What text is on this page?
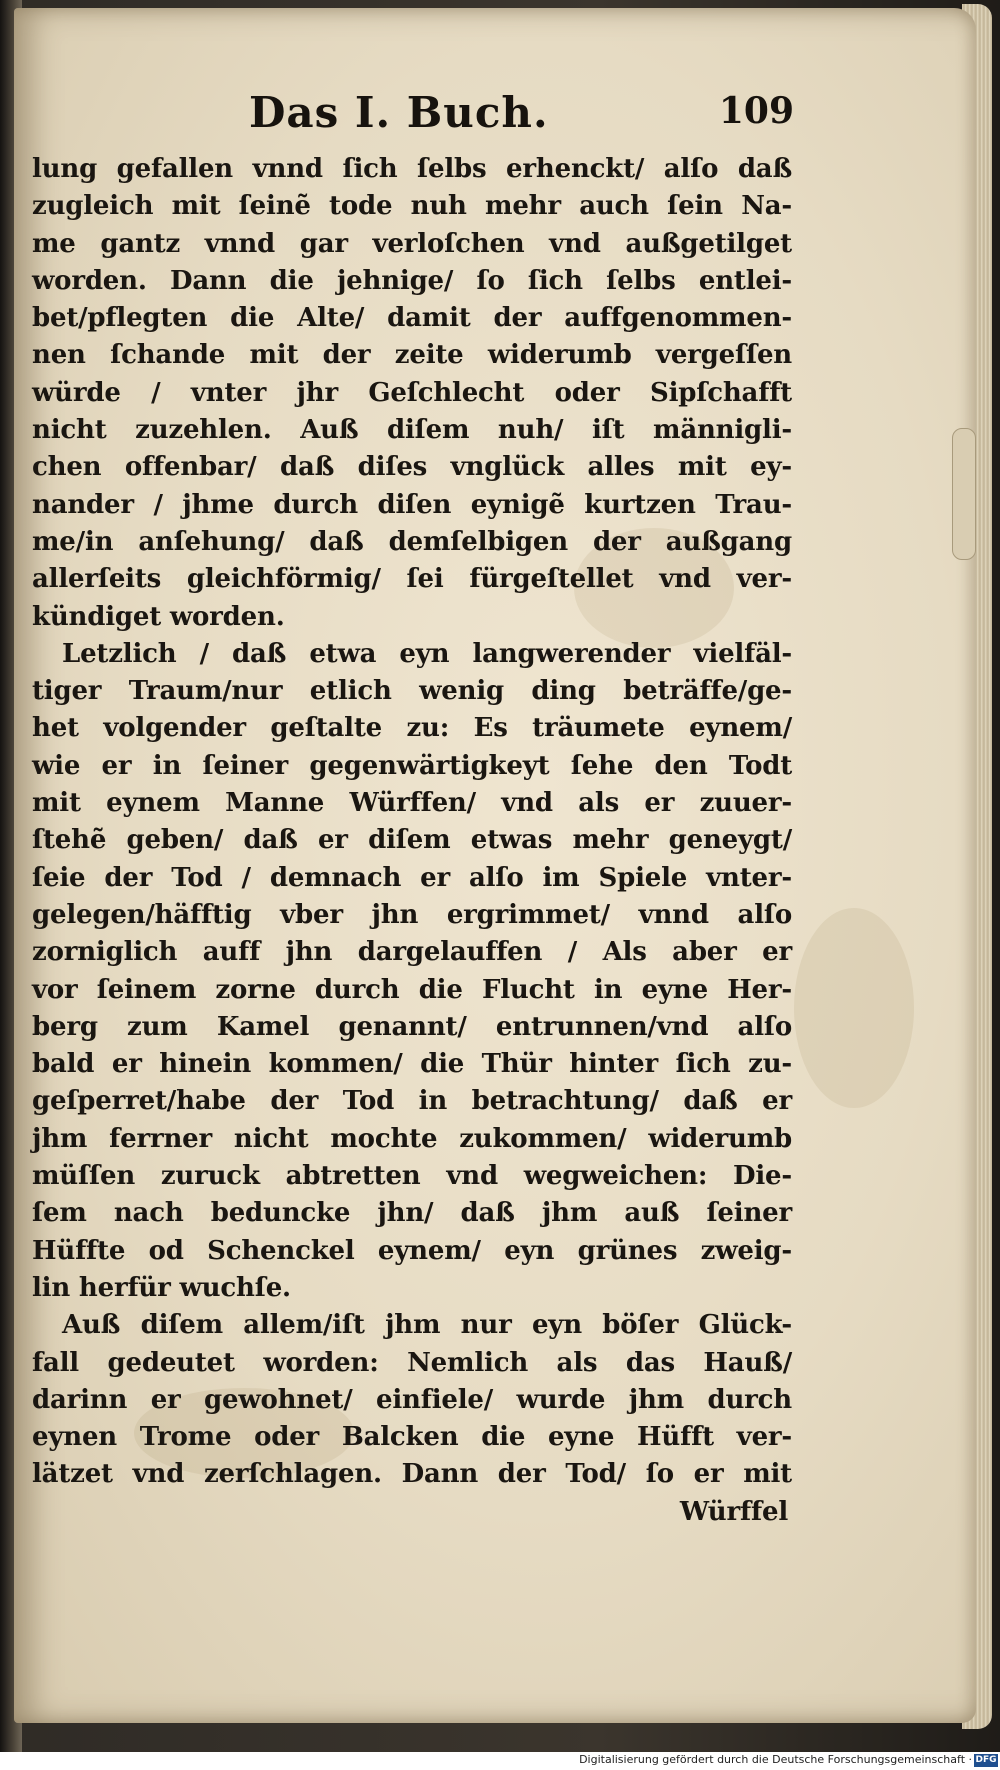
Das I. Buch.	109
lung gefallen vnnd ſich ſelbs erhenckt/ alſo daß
zugleich mit ſeinẽ tode nuh mehr auch ſein Na-
me gantz vnnd gar verloſchen vnd außgetilget
worden. Dann die jehnige/ ſo ſich ſelbs entlei-
bet/pflegten die Alte/ damit der auffgenommen-
nen ſchande mit der zeite widerumb vergeſſen
würde / vnter jhr Geſchlecht oder Sipſchafft
nicht zuzehlen. Auß diſem nuh/ iſt männigli-
chen offenbar/ daß diſes vnglück alles mit ey-
nander / jhme durch diſen eynigẽ kurtzen Trau-
me/in anſehung/ daß demſelbigen der außgang
allerſeits gleichförmig/ ſei fürgeſtellet vnd ver-
kündiget worden.
Letzlich / daß etwa eyn langwerender vielfäl-
tiger Traum/nur etlich wenig ding beträffe/ge-
het volgender geſtalte zu: Es träumete eynem/
wie er in ſeiner gegenwärtigkeyt ſehe den Todt
mit eynem Manne Würffen/ vnd als er zuuer-
ſtehẽ geben/ daß er diſem etwas mehr geneygt/
ſeie der Tod / demnach er alſo im Spiele vnter-
gelegen/häfftig vber jhn ergrimmet/ vnnd alſo
zorniglich auff jhn dargelauffen / Als aber er
vor ſeinem zorne durch die Flucht in eyne Her-
berg zum Kamel genannt/ entrunnen/vnd alſo
bald er hinein kommen/ die Thür hinter ſich zu-
geſperret/habe der Tod in betrachtung/ daß er
jhm ferrner nicht mochte zukommen/ widerumb
müſſen zuruck abtretten vnd wegweichen: Die-
ſem nach beduncke jhn/ daß jhm auß ſeiner
Hüffte od Schenckel eynem/ eyn grünes zweig-
lin herfür wuchſe.
Auß diſem allem/iſt jhm nur eyn böſer Glück-
fall gedeutet worden: Nemlich als das Hauß/
darinn er gewohnet/ einfiele/ wurde jhm durch
eynen Trome oder Balcken die eyne Hüfft ver-
lätzet vnd zerſchlagen. Dann der Tod/ ſo er mit
Würffel
Digitalisierung gefördert durch die Deutsche Forschungsgemeinschaft · DFG
